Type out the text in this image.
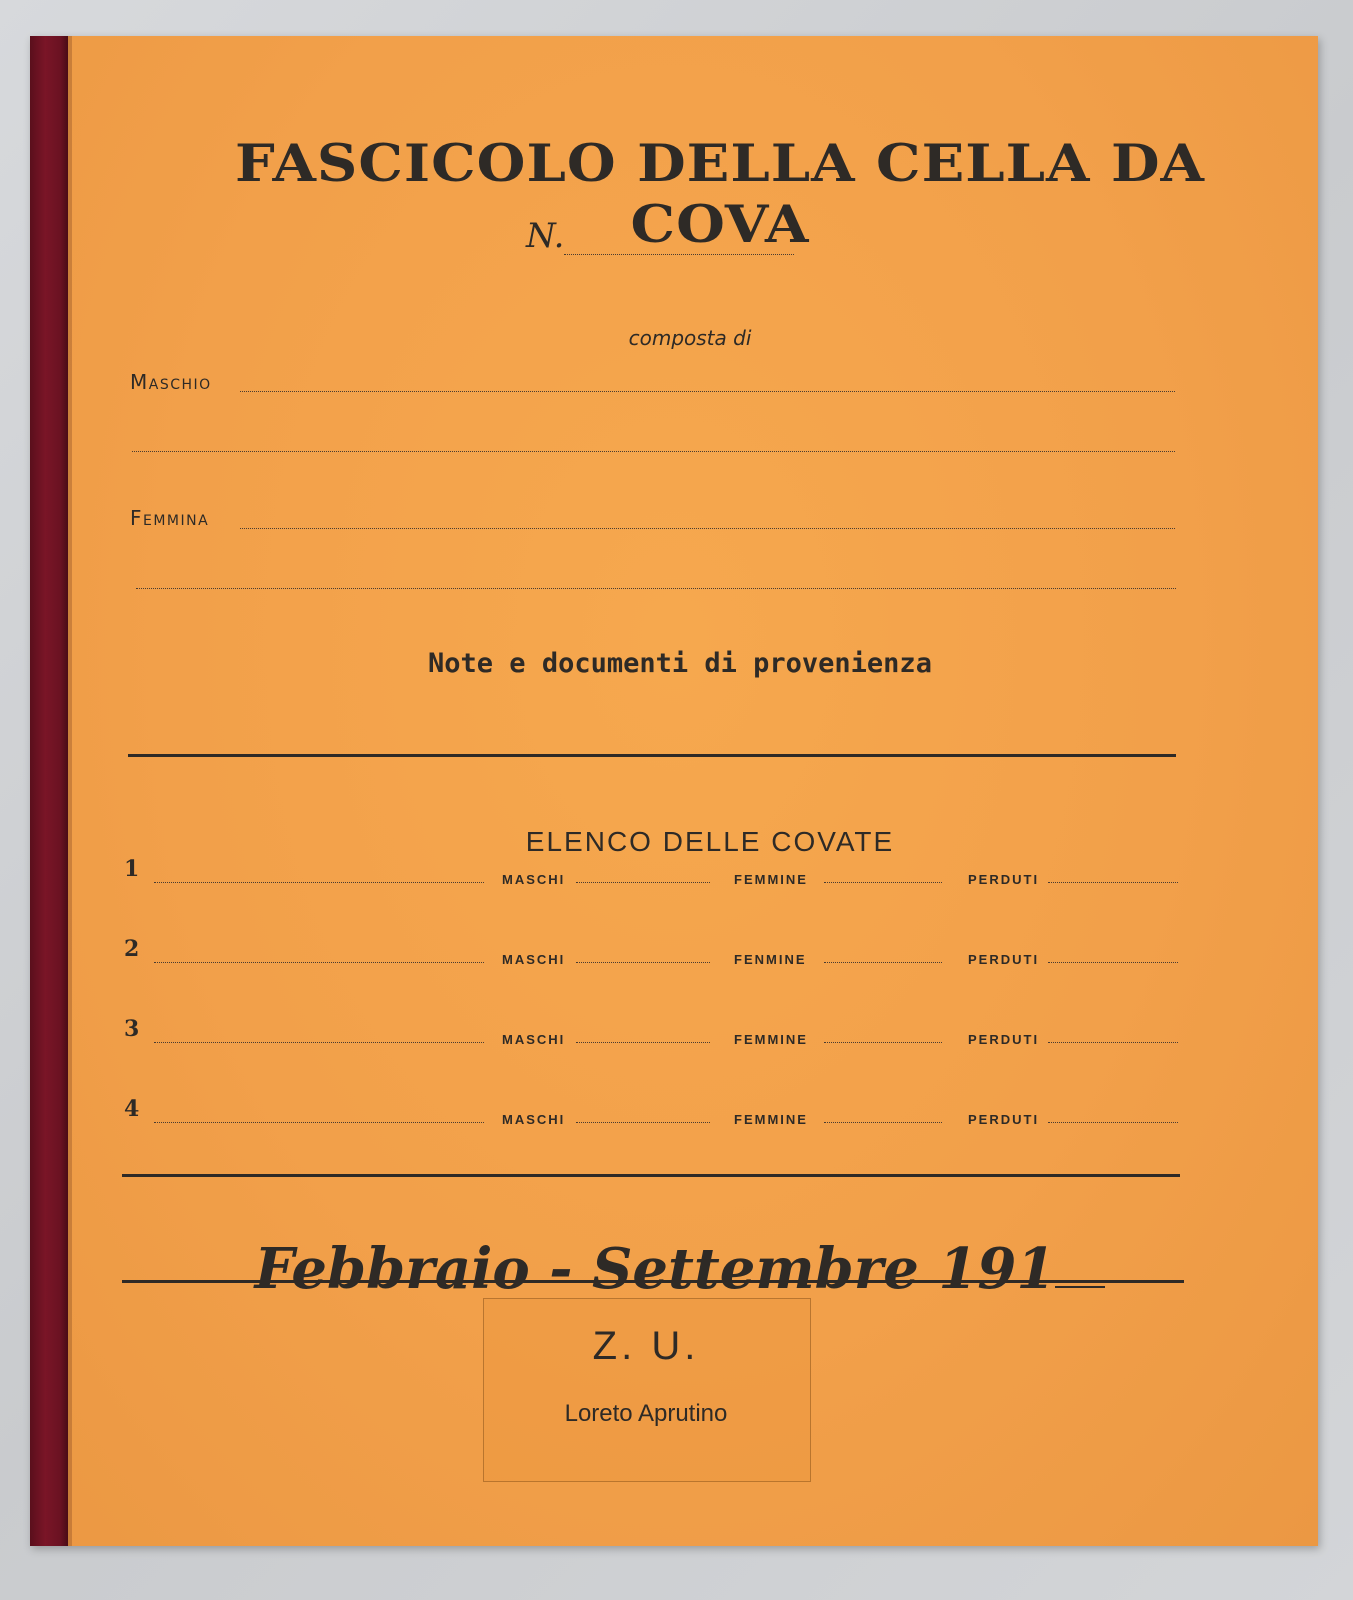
FASCICOLO DELLA CELLA DA COVA
N.
composta di
Maschio
Femmina
Note e documenti di provenienza
ELENCO DELLE COVATE
1	MASCHI	FEMMINE	PERDUTI
2	MASCHI	FENMINE	PERDUTI
3	MASCHI	FEMMINE	PERDUTI
4	MASCHI	FEMMINE	PERDUTI
Febbraio - Settembre 191
Z. U.
Loreto Aprutino
